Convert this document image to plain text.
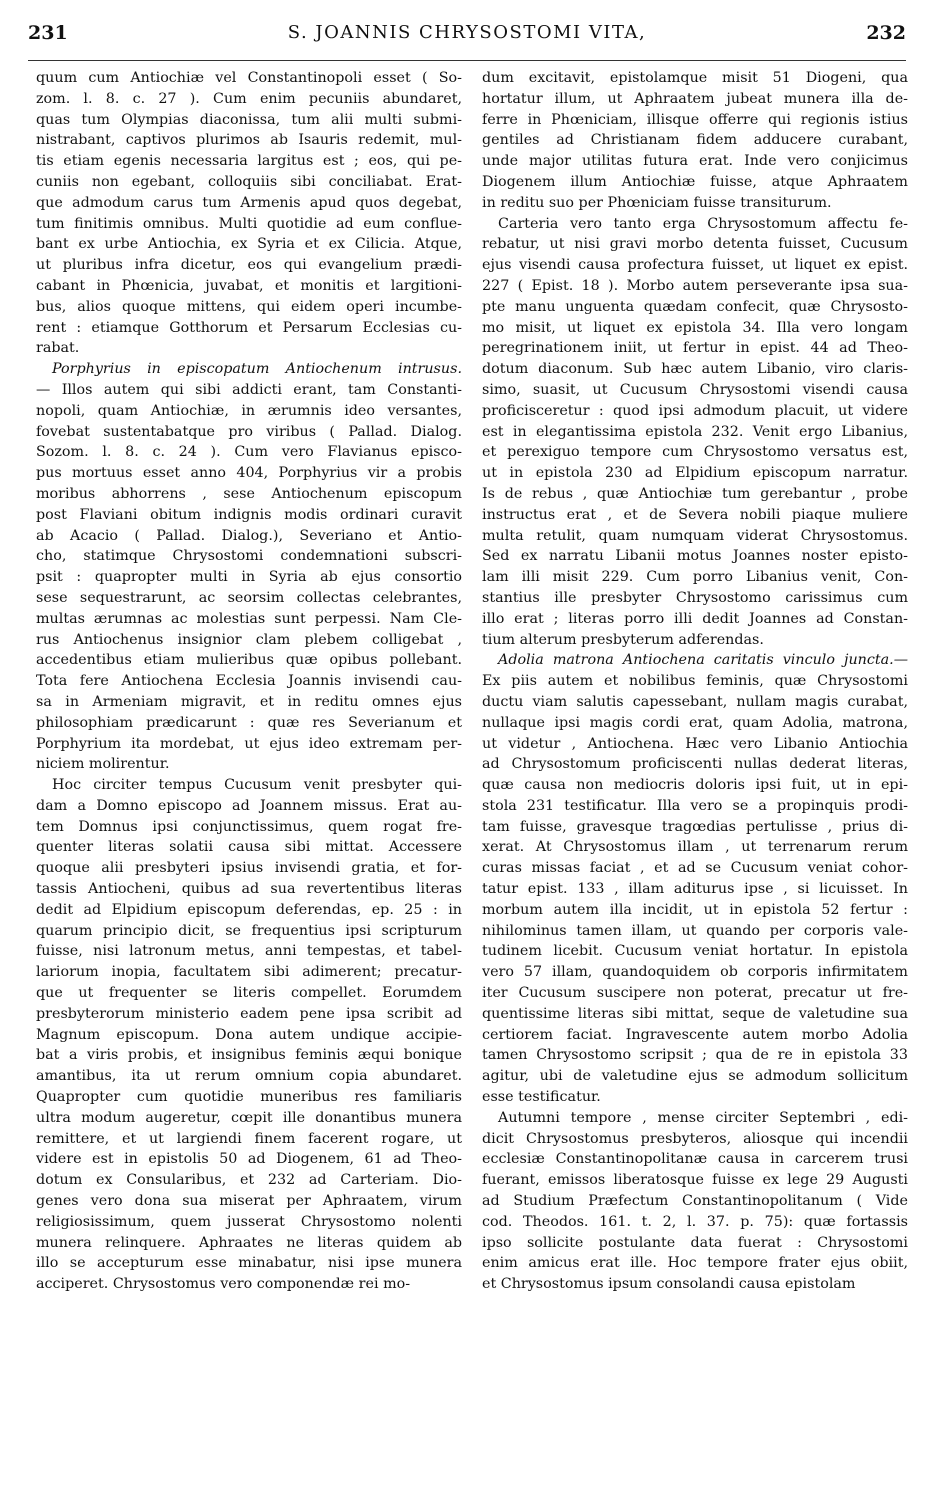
231	S. JOANNIS CHRYSOSTOMI VITA,	232
quum cum Antiochiæ vel Constantinopoli esset ( So-
zom. l. 8. c. 27 ). Cum enim pecuniis abundaret,
quas tum Olympias diaconissa, tum alii multi submi-
nistrabant, captivos plurimos ab Isauris redemit, mul-
tis etiam egenis necessaria largitus est ; eos, qui pe-
cuniis non egebant, colloquiis sibi conciliabat. Erat-
que admodum carus tum Armenis apud quos degebat,
tum finitimis omnibus. Multi quotidie ad eum conflue-
bant ex urbe Antiochia, ex Syria et ex Cilicia. Atque,
ut pluribus infra dicetur, eos qui evangelium prædi-
cabant in Phœnicia, juvabat, et monitis et largitioni-
bus, alios quoque mittens, qui eidem operi incumbe-
rent : etiamque Gotthorum et Persarum Ecclesias cu-
rabat.
Porphyrius in episcopatum Antiochenum intrusus.
— Illos autem qui sibi addicti erant, tam Constanti-
nopoli, quam Antiochiæ, in ærumnis ideo versantes,
fovebat sustentabatque pro viribus ( Pallad. Dialog.
Sozom. l. 8. c. 24 ). Cum vero Flavianus episco-
pus mortuus esset anno 404, Porphyrius vir a probis
moribus abhorrens , sese Antiochenum episcopum
post Flaviani obitum indignis modis ordinari curavit
ab Acacio ( Pallad. Dialog.), Severiano et Antio-
cho, statimque Chrysostomi condemnationi subscri-
psit : quapropter multi in Syria ab ejus consortio
sese sequestrarunt, ac seorsim collectas celebrantes,
multas ærumnas ac molestias sunt perpessi. Nam Cle-
rus Antiochenus insignior clam plebem colligebat ,
accedentibus etiam mulieribus quæ opibus pollebant.
Tota fere Antiochena Ecclesia Joannis invisendi cau-
sa in Armeniam migravit, et in reditu omnes ejus
philosophiam prædicarunt : quæ res Severianum et
Porphyrium ita mordebat, ut ejus ideo extremam per-
niciem molirentur.
Hoc circiter tempus Cucusum venit presbyter qui-
dam a Domno episcopo ad Joannem missus. Erat au-
tem Domnus ipsi conjunctissimus, quem rogat fre-
quenter literas solatii causa sibi mittat. Accessere
quoque alii presbyteri ipsius invisendi gratia, et for-
tassis Antiocheni, quibus ad sua revertentibus literas
dedit ad Elpidium episcopum deferendas, ep. 25 : in
quarum principio dicit, se frequentius ipsi scripturum
fuisse, nisi latronum metus, anni tempestas, et tabel-
lariorum inopia, facultatem sibi adimerent; precatur-
que ut frequenter se literis compellet. Eorumdem
presbyterorum ministerio eadem pene ipsa scribit ad
Magnum episcopum. Dona autem undique accipie-
bat a viris probis, et insignibus feminis æqui bonique
amantibus, ita ut rerum omnium copia abundaret.
Quapropter cum quotidie muneribus res familiaris
ultra modum augeretur, cœpit ille donantibus munera
remittere, et ut largiendi finem facerent rogare, ut
videre est in epistolis 50 ad Diogenem, 61 ad Theo-
dotum ex Consularibus, et 232 ad Carteriam. Dio-
genes vero dona sua miserat per Aphraatem, virum
religiosissimum, quem jusserat Chrysostomo nolenti
munera relinquere. Aphraates ne literas quidem ab
illo se accepturum esse minabatur, nisi ipse munera
acciperet. Chrysostomus vero componendæ rei mo-
dum excitavit, epistolamque misit 51 Diogeni, qua
hortatur illum, ut Aphraatem jubeat munera illa de-
ferre in Phœniciam, illisque offerre qui regionis istius
gentiles ad Christianam fidem adducere curabant,
unde major utilitas futura erat. Inde vero conjicimus
Diogenem illum Antiochiæ fuisse, atque Aphraatem
in reditu suo per Phœniciam fuisse transiturum.
Carteria vero tanto erga Chrysostomum affectu fe-
rebatur, ut nisi gravi morbo detenta fuisset, Cucusum
ejus visendi causa profectura fuisset, ut liquet ex epist.
227 ( Epist. 18 ). Morbo autem perseverante ipsa sua-
pte manu unguenta quædam confecit, quæ Chrysosto-
mo misit, ut liquet ex epistola 34. Illa vero longam
peregrinationem iniit, ut fertur in epist. 44 ad Theo-
dotum diaconum. Sub hæc autem Libanio, viro claris-
simo, suasit, ut Cucusum Chrysostomi visendi causa
proficisceretur : quod ipsi admodum placuit, ut videre
est in elegantissima epistola 232. Venit ergo Libanius,
et perexiguo tempore cum Chrysostomo versatus est,
ut in epistola 230 ad Elpidium episcopum narratur.
Is de rebus , quæ Antiochiæ tum gerebantur , probe
instructus erat , et de Severa nobili piaque muliere
multa retulit, quam numquam viderat Chrysostomus.
Sed ex narratu Libanii motus Joannes noster episto-
lam illi misit 229. Cum porro Libanius venit, Con-
stantius ille presbyter Chrysostomo carissimus cum
illo erat ; literas porro illi dedit Joannes ad Constan-
tium alterum presbyterum adferendas.
Adolia matrona Antiochena caritatis vinculo juncta.—
Ex piis autem et nobilibus feminis, quæ Chrysostomi
ductu viam salutis capessebant, nullam magis curabat,
nullaque ipsi magis cordi erat, quam Adolia, matrona,
ut videtur , Antiochena. Hæc vero Libanio Antiochia
ad Chrysostomum proficiscenti nullas dederat literas,
quæ causa non mediocris doloris ipsi fuit, ut in epi-
stola 231 testificatur. Illa vero se a propinquis prodi-
tam fuisse, gravesque tragœdias pertulisse , prius di-
xerat. At Chrysostomus illam , ut terrenarum rerum
curas missas faciat , et ad se Cucusum veniat cohor-
tatur epist. 133 , illam aditurus ipse , si licuisset. In
morbum autem illa incidit, ut in epistola 52 fertur :
nihilominus tamen illam, ut quando per corporis vale-
tudinem licebit. Cucusum veniat hortatur. In epistola
vero 57 illam, quandoquidem ob corporis infirmitatem
iter Cucusum suscipere non poterat, precatur ut fre-
quentissime literas sibi mittat, seque de valetudine sua
certiorem faciat. Ingravescente autem morbo Adolia
tamen Chrysostomo scripsit ; qua de re in epistola 33
agitur, ubi de valetudine ejus se admodum sollicitum
esse testificatur.
Autumni tempore , mense circiter Septembri , edi-
dicit Chrysostomus presbyteros, aliosque qui incendii
ecclesiæ Constantinopolitanæ causa in carcerem trusi
fuerant, emissos liberatosque fuisse ex lege 29 Augusti
ad Studium Præfectum Constantinopolitanum ( Vide
cod. Theodos. 161. t. 2, l. 37. p. 75): quæ fortassis
ipso sollicite postulante data fuerat : Chrysostomi
enim amicus erat ille. Hoc tempore frater ejus obiit,
et Chrysostomus ipsum consolandi causa epistolam
